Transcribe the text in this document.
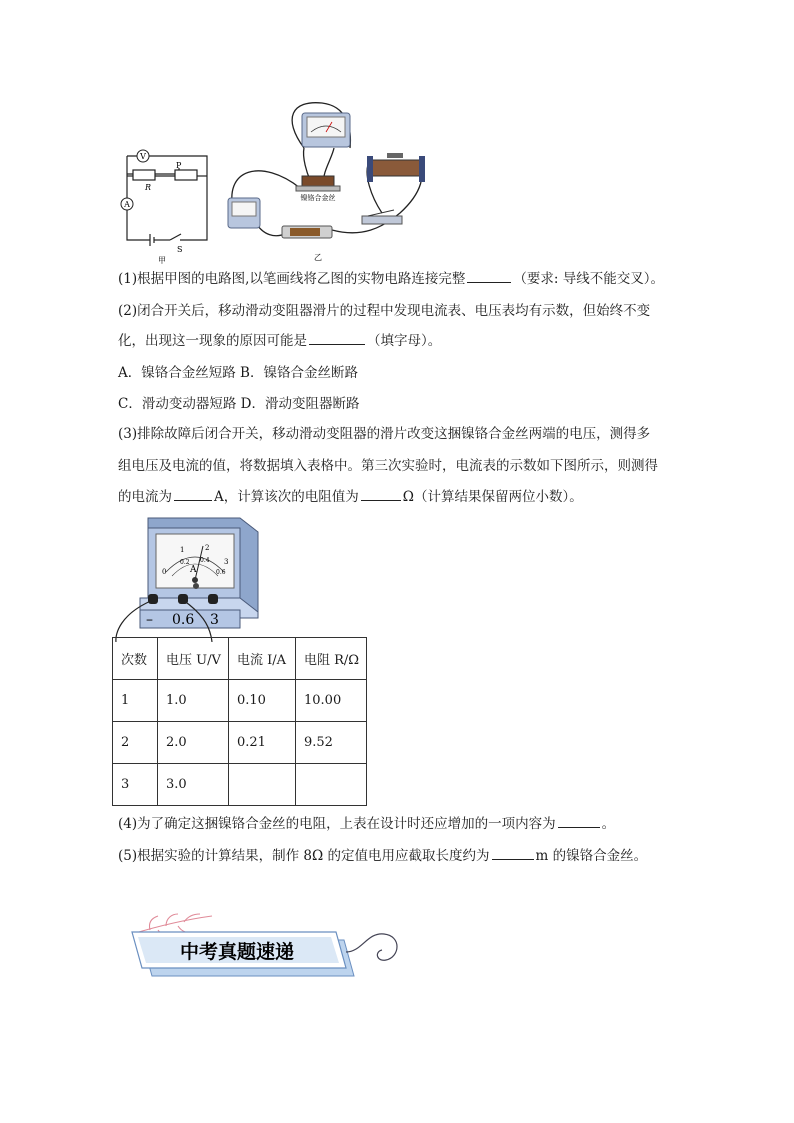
V
A
R
P
S
甲
镍铬合金丝
乙
(1)根据甲图的电路图,以笔画线将乙图的实物电路连接完整	（要求: 导线不能交叉）。
(2)闭合开关后，移动滑动变阻器滑片的过程中发现电流表、电压表均有示数，但始终不变
化，出现这一现象的原因可能是	（填字母）。
A．镍铬合金丝短路 B．镍铬合金丝断路
C．滑动变动器短路 D．滑动变阻器断路
(3)排除故障后闭合开关，移动滑动变阻器的滑片改变这捆镍铬合金丝两端的电压，测得多
组电压及电流的值，将数据填入表格中。第三次实验时，电流表的示数如下图所示，则测得
的电流为	A，计算该次的电阻值为	Ω（计算结果保留两位小数）。
0
1	2
3
0.2 0.4
0.6
A
– 0.6 3
次数	电压 U/V	电流 I/A	电阻 R/Ω
1	1.0	0.10	10.00
2	2.0	0.21	9.52
3	3.0		
(4)为了确定这捆镍铬合金丝的电阻，上表在设计时还应增加的一项内容为	。
(5)根据实验的计算结果，制作 8Ω 的定值电用应截取长度约为	m 的镍铬合金丝。
中考真题速递
